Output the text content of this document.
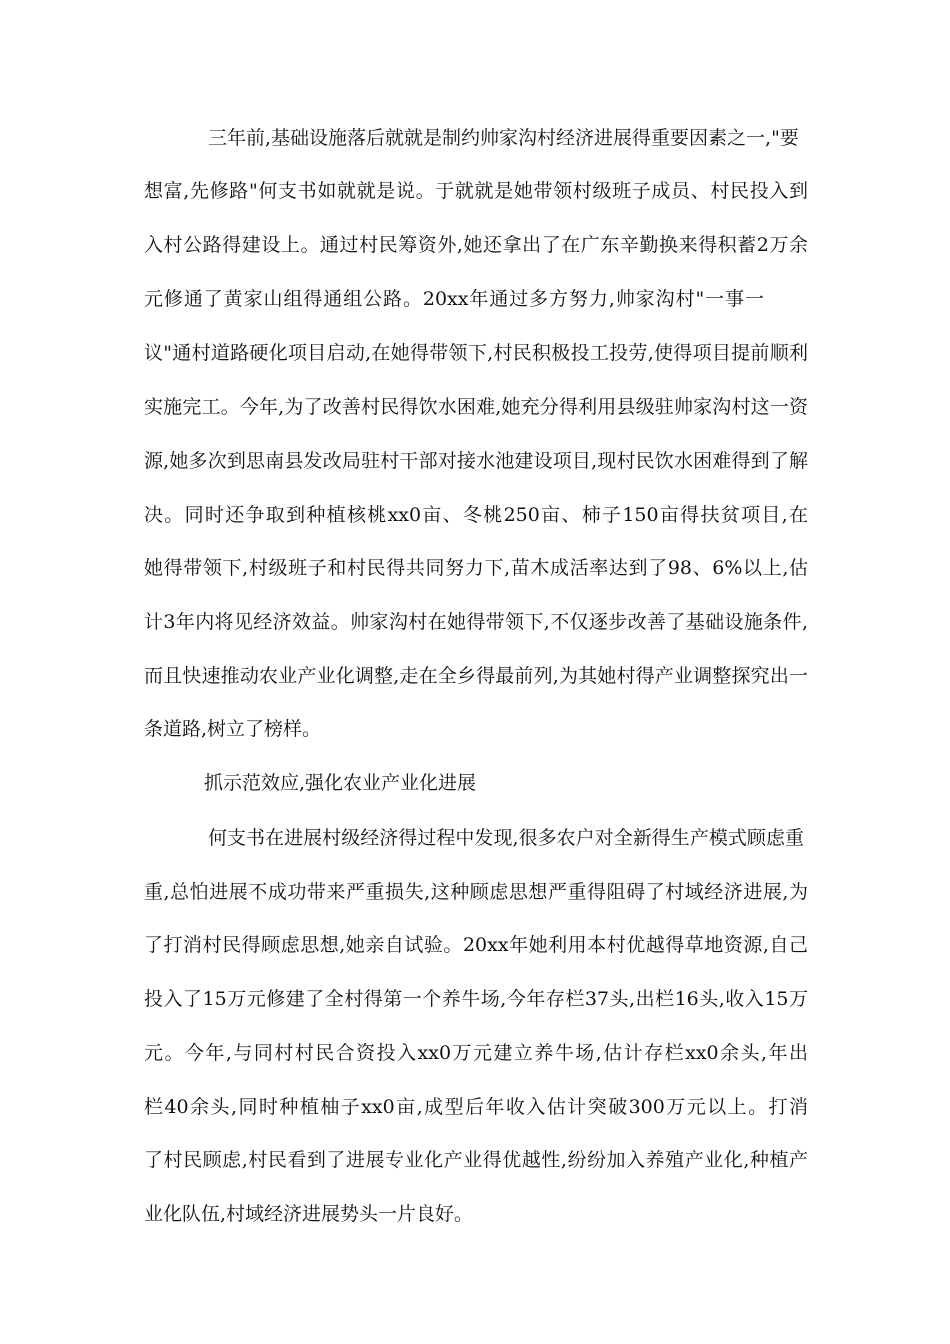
三年前,基础设施落后就就是制约帅家沟村经济进展得重要因素之一,"要
想富,先修路"何支书如就就是说。于就就是她带领村级班子成员、村民投入到
入村公路得建设上。通过村民筹资外,她还拿出了在广东辛勤换来得积蓄2万余
元修通了黄家山组得通组公路。20xx年通过多方努力,帅家沟村"一事一
议"通村道路硬化项目启动,在她得带领下,村民积极投工投劳,使得项目提前顺利
实施完工。今年,为了改善村民得饮水困难,她充分得利用县级驻帅家沟村这一资
源,她多次到思南县发改局驻村干部对接水池建设项目,现村民饮水困难得到了解
决。同时还争取到种植核桃xx0亩、冬桃250亩、柿子150亩得扶贫项目,在
她得带领下,村级班子和村民得共同努力下,苗木成活率达到了98、6%以上,估
计3年内将见经济效益。帅家沟村在她得带领下,不仅逐步改善了基础设施条件,
而且快速推动农业产业化调整,走在全乡得最前列,为其她村得产业调整探究出一
条道路,树立了榜样。
抓示范效应,强化农业产业化进展
何支书在进展村级经济得过程中发现,很多农户对全新得生产模式顾虑重
重,总怕进展不成功带来严重损失,这种顾虑思想严重得阻碍了村域经济进展,为
了打消村民得顾虑思想,她亲自试验。20xx年她利用本村优越得草地资源,自己
投入了15万元修建了全村得第一个养牛场,今年存栏37头,出栏16头,收入15万
元。今年,与同村村民合资投入xx0万元建立养牛场,估计存栏xx0余头,年出
栏40余头,同时种植柚子xx0亩,成型后年收入估计突破300万元以上。打消
了村民顾虑,村民看到了进展专业化产业得优越性,纷纷加入养殖产业化,种植产
业化队伍,村域经济进展势头一片良好。
